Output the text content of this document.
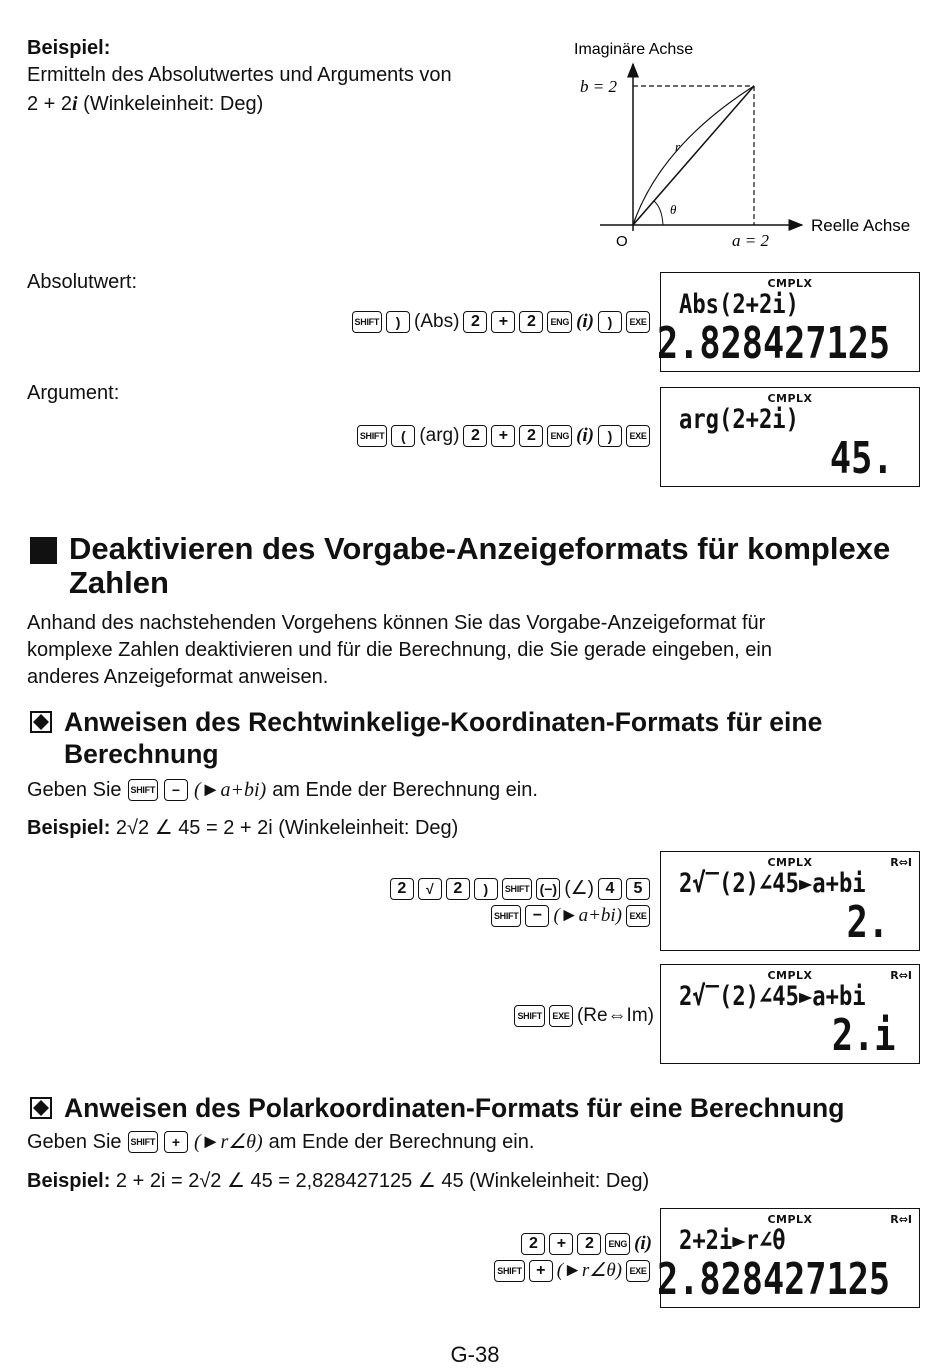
Beispiel:
Ermitteln des Absolutwertes und Arguments von
2 + 2i (Winkeleinheit: Deg)
Imaginäre Achse
Reelle Achse
b = 2
a = 2
O
r
θ
Absolutwert:
SHIFT	) (Abs) 2	+	2	ENG (i) )	EXE
CMPLX
Abs(2+2i)
2.828427125
Argument:
SHIFT	( (arg) 2	+	2	ENG (i) )	EXE
CMPLX
arg(2+2i)
45.
Deaktivieren des Vorgabe-Anzeigeformats für komplexe
Zahlen
Anhand des nachstehenden Vorgehens können Sie das Vorgabe-Anzeigeformat für
komplexe Zahlen deaktivieren und für die Berechnung, die Sie gerade eingeben, ein
anderes Anzeigeformat anweisen.
Anweisen des Rechtwinkelige-Koordinaten-Formats für eine
Berechnung
Geben Sie	SHIFT	− (►a+bi) am Ende der Berechnung ein.
Beispiel: 2√2 ∠ 45 = 2 + 2i (Winkeleinheit: Deg)
2	√	2	)	SHIFT (−) (∠) 4	5
SHIFT − (►a+bi) EXE
CMPLX	R⇔I
2√‾(2)∠45►a+bi
2.
SHIFT	EXE (Re⇔Im)
CMPLX	R⇔I
2√‾(2)∠45►a+bi
2.i
Anweisen des Polarkoordinaten-Formats für eine Berechnung
Geben Sie	SHIFT	+ (►r∠θ) am Ende der Berechnung ein.
Beispiel: 2 + 2i = 2√2 ∠ 45 = 2,828427125 ∠ 45 (Winkeleinheit: Deg)
2	+	2	ENG (i)
SHIFT + (►r∠θ) EXE
CMPLX	R⇔I
2+2i►r∠θ
2.828427125
G-38
